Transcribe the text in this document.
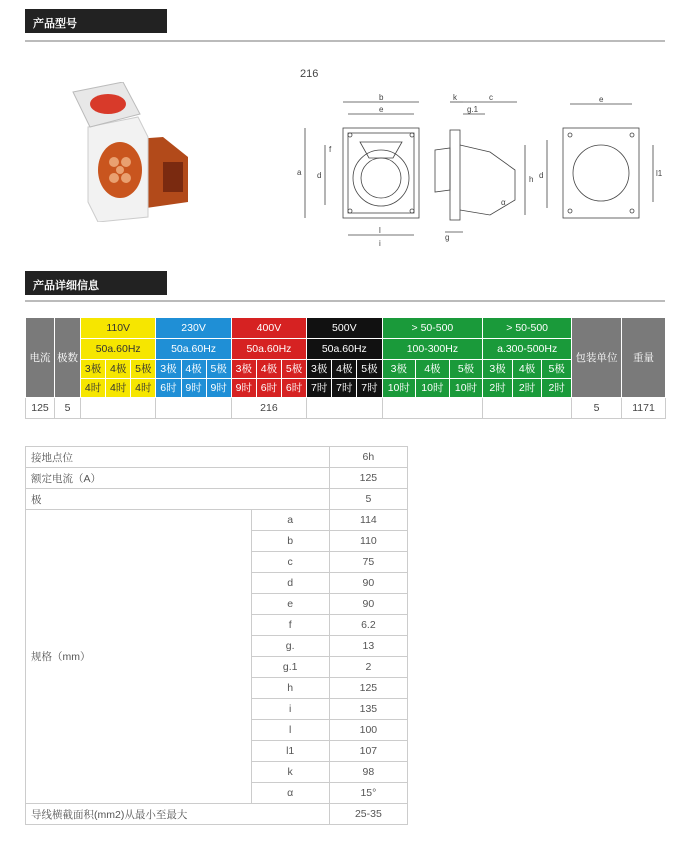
产品型号
216
b
e
k	c
g.1
e
a d
f
h d	l1
l
g
i
α
产品详细信息
电流	极数	110V			230V			400V			500V			> 50-500			> 50-500			包装单位	重量
		50a.60Hz			50a.60Hz			50a.60Hz			50a.60Hz			100-300Hz			a.300-500Hz				
		3极	4极	5极	3极	4极	5极	3极	4极	5极	3极	4极	5极	3极	4极	5极	3极	4极	5极		
		4时	4时	4时	6时	9时	9时	9时	6时	6时	7时	7时	7时	10时	10时	10时	2时	2时	2时		
125	5							216												5	1171
接地点位		6h
额定电流（A）		125
极		5
规格（mm）	a	114
	b	110
	c	75
	d	90
	e	90
	f	6.2
	g.	13
	g.1	2
	h	125
	i	135
	l	100
	l1	107
	k	98
	α	15°
导线横截面积(mm2)从最小至最大		25-35
